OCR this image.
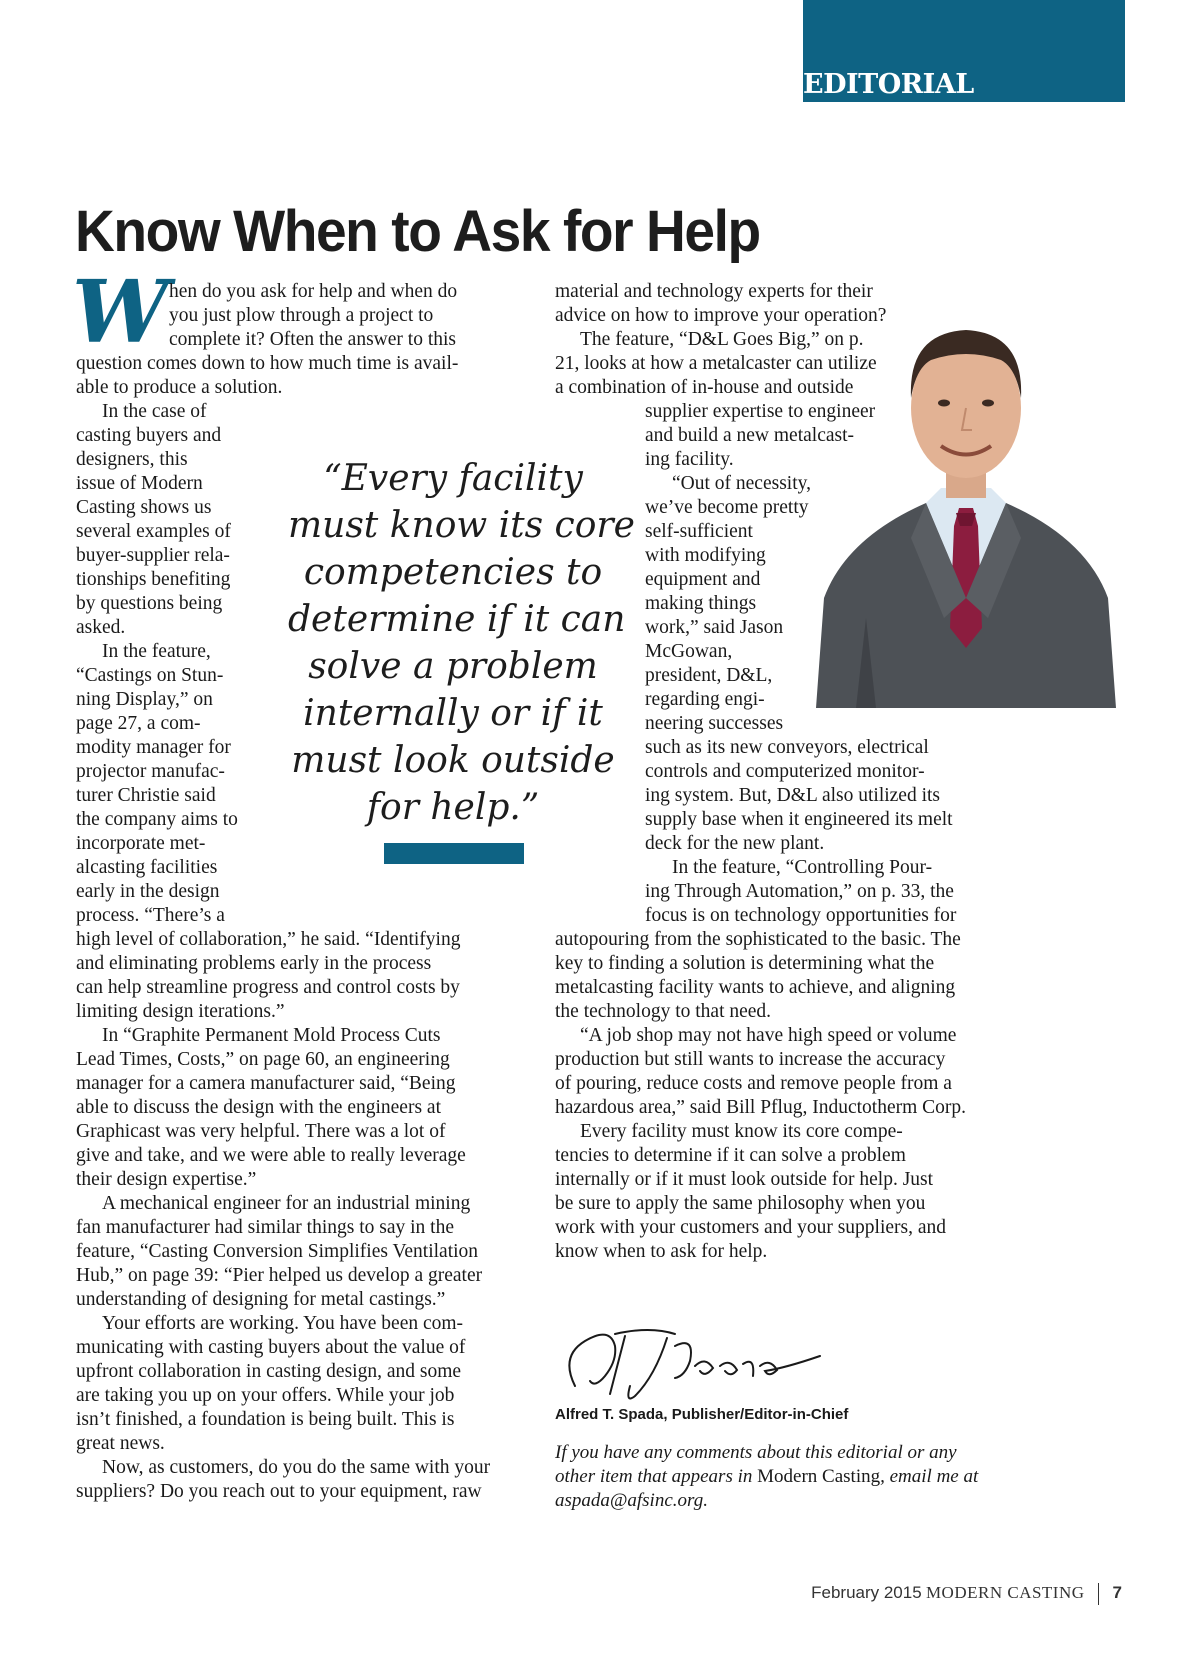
EDITORIAL
Know When to Ask for Help
W hen do you ask for help and when do

you just plow through a project to

complete it? Often the answer to this

question comes down to how much time is avail-

able to produce a solution.

In the case of

casting buyers and

designers, this

issue of Modern

Casting shows us

several examples of

buyer-supplier rela-

tionships benefiting

by questions being

asked.

In the feature,

“Castings on Stun-

ning Display,” on

page 27, a com-

modity manager for

projector manufac-

turer Christie said

the company aims to

incorporate met-

alcasting facilities

early in the design

process. “There’s a

high level of collaboration,” he said. “Identifying

and eliminating problems early in the process

can help streamline progress and control costs by

limiting design iterations.”

In “Graphite Permanent Mold Process Cuts

Lead Times, Costs,” on page 60, an engineering

manager for a camera manufacturer said, “Being

able to discuss the design with the engineers at

Graphicast was very helpful. There was a lot of

give and take, and we were able to really leverage

their design expertise.”

A mechanical engineer for an industrial mining

fan manufacturer had similar things to say in the

feature, “Casting Conversion Simplifies Ventilation

Hub,” on page 39: “Pier helped us develop a greater

understanding of designing for metal castings.”

Your efforts are working. You have been com-

municating with casting buyers about the value of

upfront collaboration in casting design, and some

are taking you up on your offers. While your job

isn’t finished, a foundation is being built. This is

great news.

Now, as customers, do you do the same with your

suppliers? Do you reach out to your equipment, raw

material and technology experts for their

advice on how to improve your operation?

The feature, “D&L Goes Big,” on p.

21, looks at how a metalcaster can utilize

a combination of in-house and outside

supplier expertise to engineer

and build a new metalcast-

ing facility.

“Out of necessity,

we’ve become pretty

self-sufficient

with modifying

equipment and

making things

work,” said Jason

McGowan,

president, D&L,

regarding engi-

neering successes

such as its new conveyors, electrical

controls and computerized monitor-

ing system. But, D&L also utilized its

supply base when it engineered its melt

deck for the new plant.

In the feature, “Controlling Pour-

ing Through Automation,” on p. 33, the

focus is on technology opportunities for

autopouring from the sophisticated to the basic. The

key to finding a solution is determining what the

metalcasting facility wants to achieve, and aligning

the technology to that need.

“A job shop may not have high speed or volume

production but still wants to increase the accuracy

of pouring, reduce costs and remove people from a

hazardous area,” said Bill Pflug, Inductotherm Corp.

Every facility must know its core compe-

tencies to determine if it can solve a problem

internally or if it must look outside for help. Just

be sure to apply the same philosophy when you

work with your customers and your suppliers, and

know when to ask for help.

“Every facility

must know its core

competencies to

determine if it can

solve a problem

internally or if it

must look outside

for help.”

Alfred T. Spada, Publisher/Editor-in-Chief
If you have any comments about this editorial or any
other item that appears in Modern Casting, email me at
aspada@afsinc.org.
February 2015 MODERN CASTING 7
